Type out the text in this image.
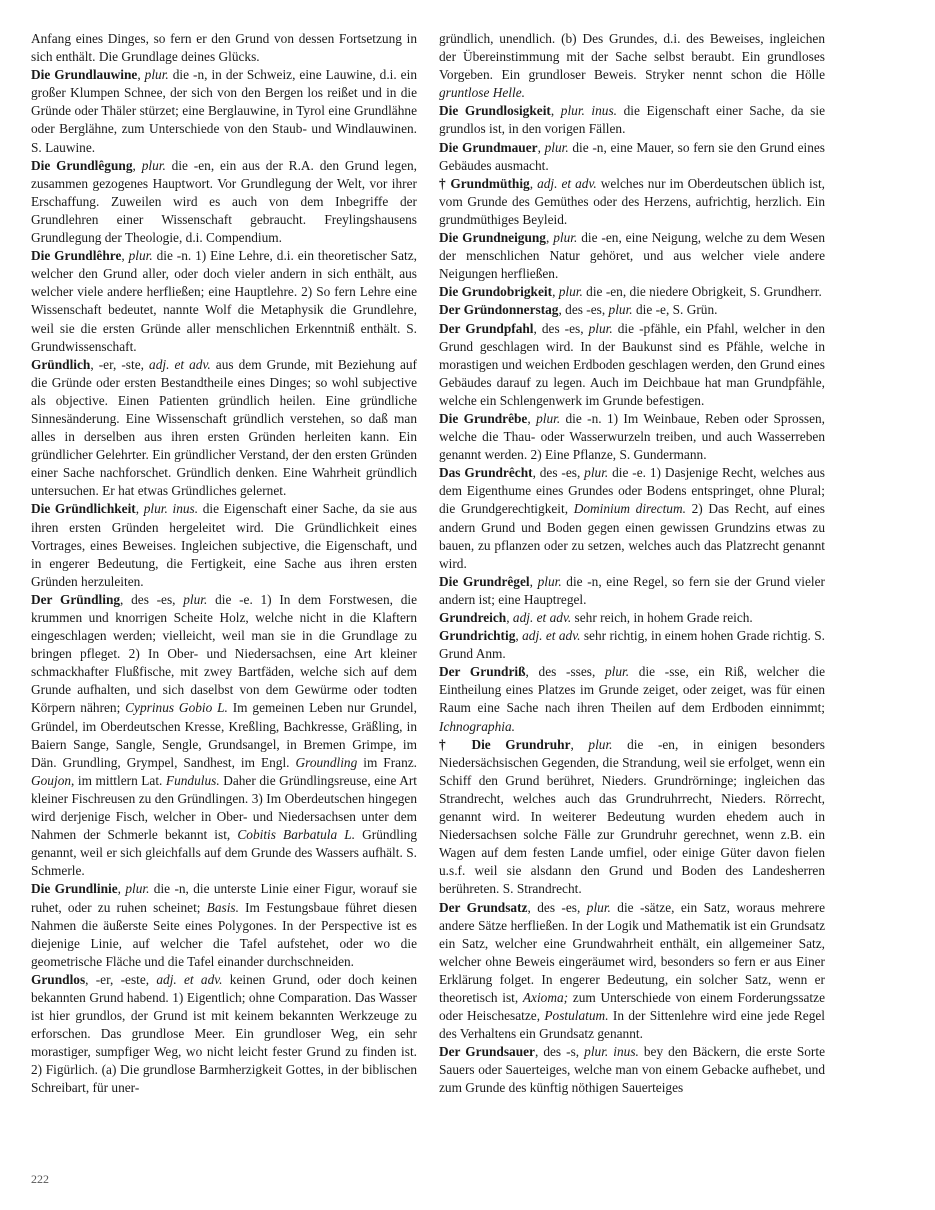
Anfang eines Dinges, so fern er den Grund von dessen Fortsetzung in sich enthält. Die Grundlage deines Glücks.

Die Grundlauwine, plur. die -n, in der Schweiz, eine Lauwine, d.i. ein großer Klumpen Schnee, der sich von den Bergen los reißet und in die Gründe oder Thäler stürzet; eine Berglauwine, in Tyrol eine Grundlähne oder Berglähne, zum Unterschiede von den Staub- und Windlauwinen. S. Lauwine.

Die Grundlêgung, plur. die -en, ein aus der R.A. den Grund legen, zusammen gezogenes Hauptwort. Vor Grundlegung der Welt, vor ihrer Erschaffung. Zuweilen wird es auch von dem Inbegriffe der Grundlehren einer Wissenschaft gebraucht. Freylingshausens Grundlegung der Theologie, d.i. Compendium.

Die Grundlêhre, plur. die -n. 1) Eine Lehre, d.i. ein theoretischer Satz, welcher den Grund aller, oder doch vieler andern in sich enthält, aus welcher viele andere herfließen; eine Hauptlehre. 2) So fern Lehre eine Wissenschaft bedeutet, nannte Wolf die Metaphysik die Grundlehre, weil sie die ersten Gründe aller menschlichen Erkenntniß enthält. S. Grundwissenschaft.

Gründlich, -er, -ste, adj. et adv. aus dem Grunde, mit Beziehung auf die Gründe oder ersten Bestandtheile eines Dinges; so wohl subjective als objective. Einen Patienten gründlich heilen. Eine gründliche Sinnesänderung. Eine Wissenschaft gründlich verstehen, so daß man alles in derselben aus ihren ersten Gründen herleiten kann. Ein gründlicher Gelehrter. Ein gründlicher Verstand, der den ersten Gründen einer Sache nachforschet. Gründlich denken. Eine Wahrheit gründlich untersuchen. Er hat etwas Gründliches gelernet.

Die Gründlichkeit, plur. inus. die Eigenschaft einer Sache, da sie aus ihren ersten Gründen hergeleitet wird. Die Gründlichkeit eines Vortrages, eines Beweises. Ingleichen subjective, die Eigenschaft, und in engerer Bedeutung, die Fertigkeit, eine Sache aus ihren ersten Gründen herzuleiten.

Der Gründling, des -es, plur. die -e. 1) In dem Forstwesen, die krummen und knorrigen Scheite Holz, welche nicht in die Klaftern eingeschlagen werden; vielleicht, weil man sie in die Grundlage zu bringen pfleget. 2) In Ober- und Niedersachsen, eine Art kleiner schmackhafter Flußfische, mit zwey Bartfäden, welche sich auf dem Grunde aufhalten, und sich daselbst von dem Gewürme oder todten Körpern nähren; Cyprinus Gobio L. Im gemeinen Leben nur Grundel, Gründel, im Oberdeutschen Kresse, Kreßling, Bachkresse, Gräßling, in Baiern Sange, Sangle, Sengle, Grundsangel, in Bremen Grimpe, im Dän. Grundling, Grympel, Sandhest, im Engl. Groundling im Franz. Goujon, im mittlern Lat. Fundulus. Daher die Gründlingsreuse, eine Art kleiner Fischreusen zu den Gründlingen. 3) Im Oberdeutschen hingegen wird derjenige Fisch, welcher in Ober- und Niedersachsen unter dem Nahmen der Schmerle bekannt ist, Cobitis Barbatula L. Gründling genannt, weil er sich gleichfalls auf dem Grunde des Wassers aufhält. S. Schmerle.

Die Grundlinie, plur. die -n, die unterste Linie einer Figur, worauf sie ruhet, oder zu ruhen scheinet; Basis. Im Festungsbaue führet diesen Nahmen die äußerste Seite eines Polygones. In der Perspective ist es diejenige Linie, auf welcher die Tafel aufstehet, oder wo die geometrische Fläche und die Tafel einander durchschneiden.

Grundlos, -er, -este, adj. et adv. keinen Grund, oder doch keinen bekannten Grund habend. 1) Eigentlich; ohne Comparation. Das Wasser ist hier grundlos, der Grund ist mit keinem bekannten Werkzeuge zu erforschen. Das grundlose Meer. Ein grundloser Weg, ein sehr morastiger, sumpfiger Weg, wo nicht leicht fester Grund zu finden ist. 2) Figürlich. (a) Die grundlose Barmherzigkeit Gottes, in der biblischen Schreibart, für uner-

gründlich, unendlich. (b) Des Grundes, d.i. des Beweises, ingleichen der Übereinstimmung mit der Sache selbst beraubt. Ein grundloses Vorgeben. Ein grundloser Beweis. Stryker nennt schon die Hölle gruntlose Helle.

Die Grundlosigkeit, plur. inus. die Eigenschaft einer Sache, da sie grundlos ist, in den vorigen Fällen.

Die Grundmauer, plur. die -n, eine Mauer, so fern sie den Grund eines Gebäudes ausmacht.

† Grundmüthig, adj. et adv. welches nur im Oberdeutschen üblich ist, vom Grunde des Gemüthes oder des Herzens, aufrichtig, herzlich. Ein grundmüthiges Beyleid.

Die Grundneigung, plur. die -en, eine Neigung, welche zu dem Wesen der menschlichen Natur gehöret, und aus welcher viele andere Neigungen herfließen.

Die Grundobrigkeit, plur. die -en, die niedere Obrigkeit, S. Grundherr.

Der Gründonnerstag, des -es, plur. die -e, S. Grün.

Der Grundpfahl, des -es, plur. die -pfähle, ein Pfahl, welcher in den Grund geschlagen wird. In der Baukunst sind es Pfähle, welche in morastigen und weichen Erdboden geschlagen werden, den Grund eines Gebäudes darauf zu legen. Auch im Deichbaue hat man Grundpfähle, welche ein Schlengenwerk im Grunde befestigen.

Die Grundrêbe, plur. die -n. 1) Im Weinbaue, Reben oder Sprossen, welche die Thau- oder Wasserwurzeln treiben, und auch Wasserreben genannt werden. 2) Eine Pflanze, S. Gundermann.

Das Grundrêcht, des -es, plur. die -e. 1) Dasjenige Recht, welches aus dem Eigenthume eines Grundes oder Bodens entspringet, ohne Plural; die Grundgerechtigkeit, Dominium directum. 2) Das Recht, auf eines andern Grund und Boden gegen einen gewissen Grundzins etwas zu bauen, zu pflanzen oder zu setzen, welches auch das Platzrecht genannt wird.

Die Grundrêgel, plur. die -n, eine Regel, so fern sie der Grund vieler andern ist; eine Hauptregel.

Grundreich, adj. et adv. sehr reich, in hohem Grade reich.

Grundrichtig, adj. et adv. sehr richtig, in einem hohen Grade richtig. S. Grund Anm.

Der Grundriß, des -sses, plur. die -sse, ein Riß, welcher die Eintheilung eines Platzes im Grunde zeiget, oder zeiget, was für einen Raum eine Sache nach ihren Theilen auf dem Erdboden einnimmt; Ichnographia.

† Die Grundruhr, plur. die -en, in einigen besonders Niedersächsischen Gegenden, die Strandung, weil sie erfolget, wenn ein Schiff den Grund berühret, Nieders. Grundrörninge; ingleichen das Strandrecht, welches auch das Grundruhrrecht, Nieders. Rörrecht, genannt wird. In weiterer Bedeutung wurden ehedem auch in Niedersachsen solche Fälle zur Grundruhr gerechnet, wenn z.B. ein Wagen auf dem festen Lande umfiel, oder einige Güter davon fielen u.s.f. weil sie alsdann den Grund und Boden des Landesherren berühreten. S. Strandrecht.

Der Grundsatz, des -es, plur. die -sätze, ein Satz, woraus mehrere andere Sätze herfließen. In der Logik und Mathematik ist ein Grundsatz ein Satz, welcher eine Grundwahrheit enthält, ein allgemeiner Satz, welcher ohne Beweis eingeräumet wird, besonders so fern er aus Einer Erklärung folget. In engerer Bedeutung, ein solcher Satz, wenn er theoretisch ist, Axioma; zum Unterschiede von einem Forderungssatze oder Heischesatze, Postulatum. In der Sittenlehre wird eine jede Regel des Verhaltens ein Grundsatz genannt.

Der Grundsauer, des -s, plur. inus. bey den Bäckern, die erste Sorte Sauers oder Sauerteiges, welche man von einem Gebacke aufhebet, und zum Grunde des künftig nöthigen Sauerteiges

222
